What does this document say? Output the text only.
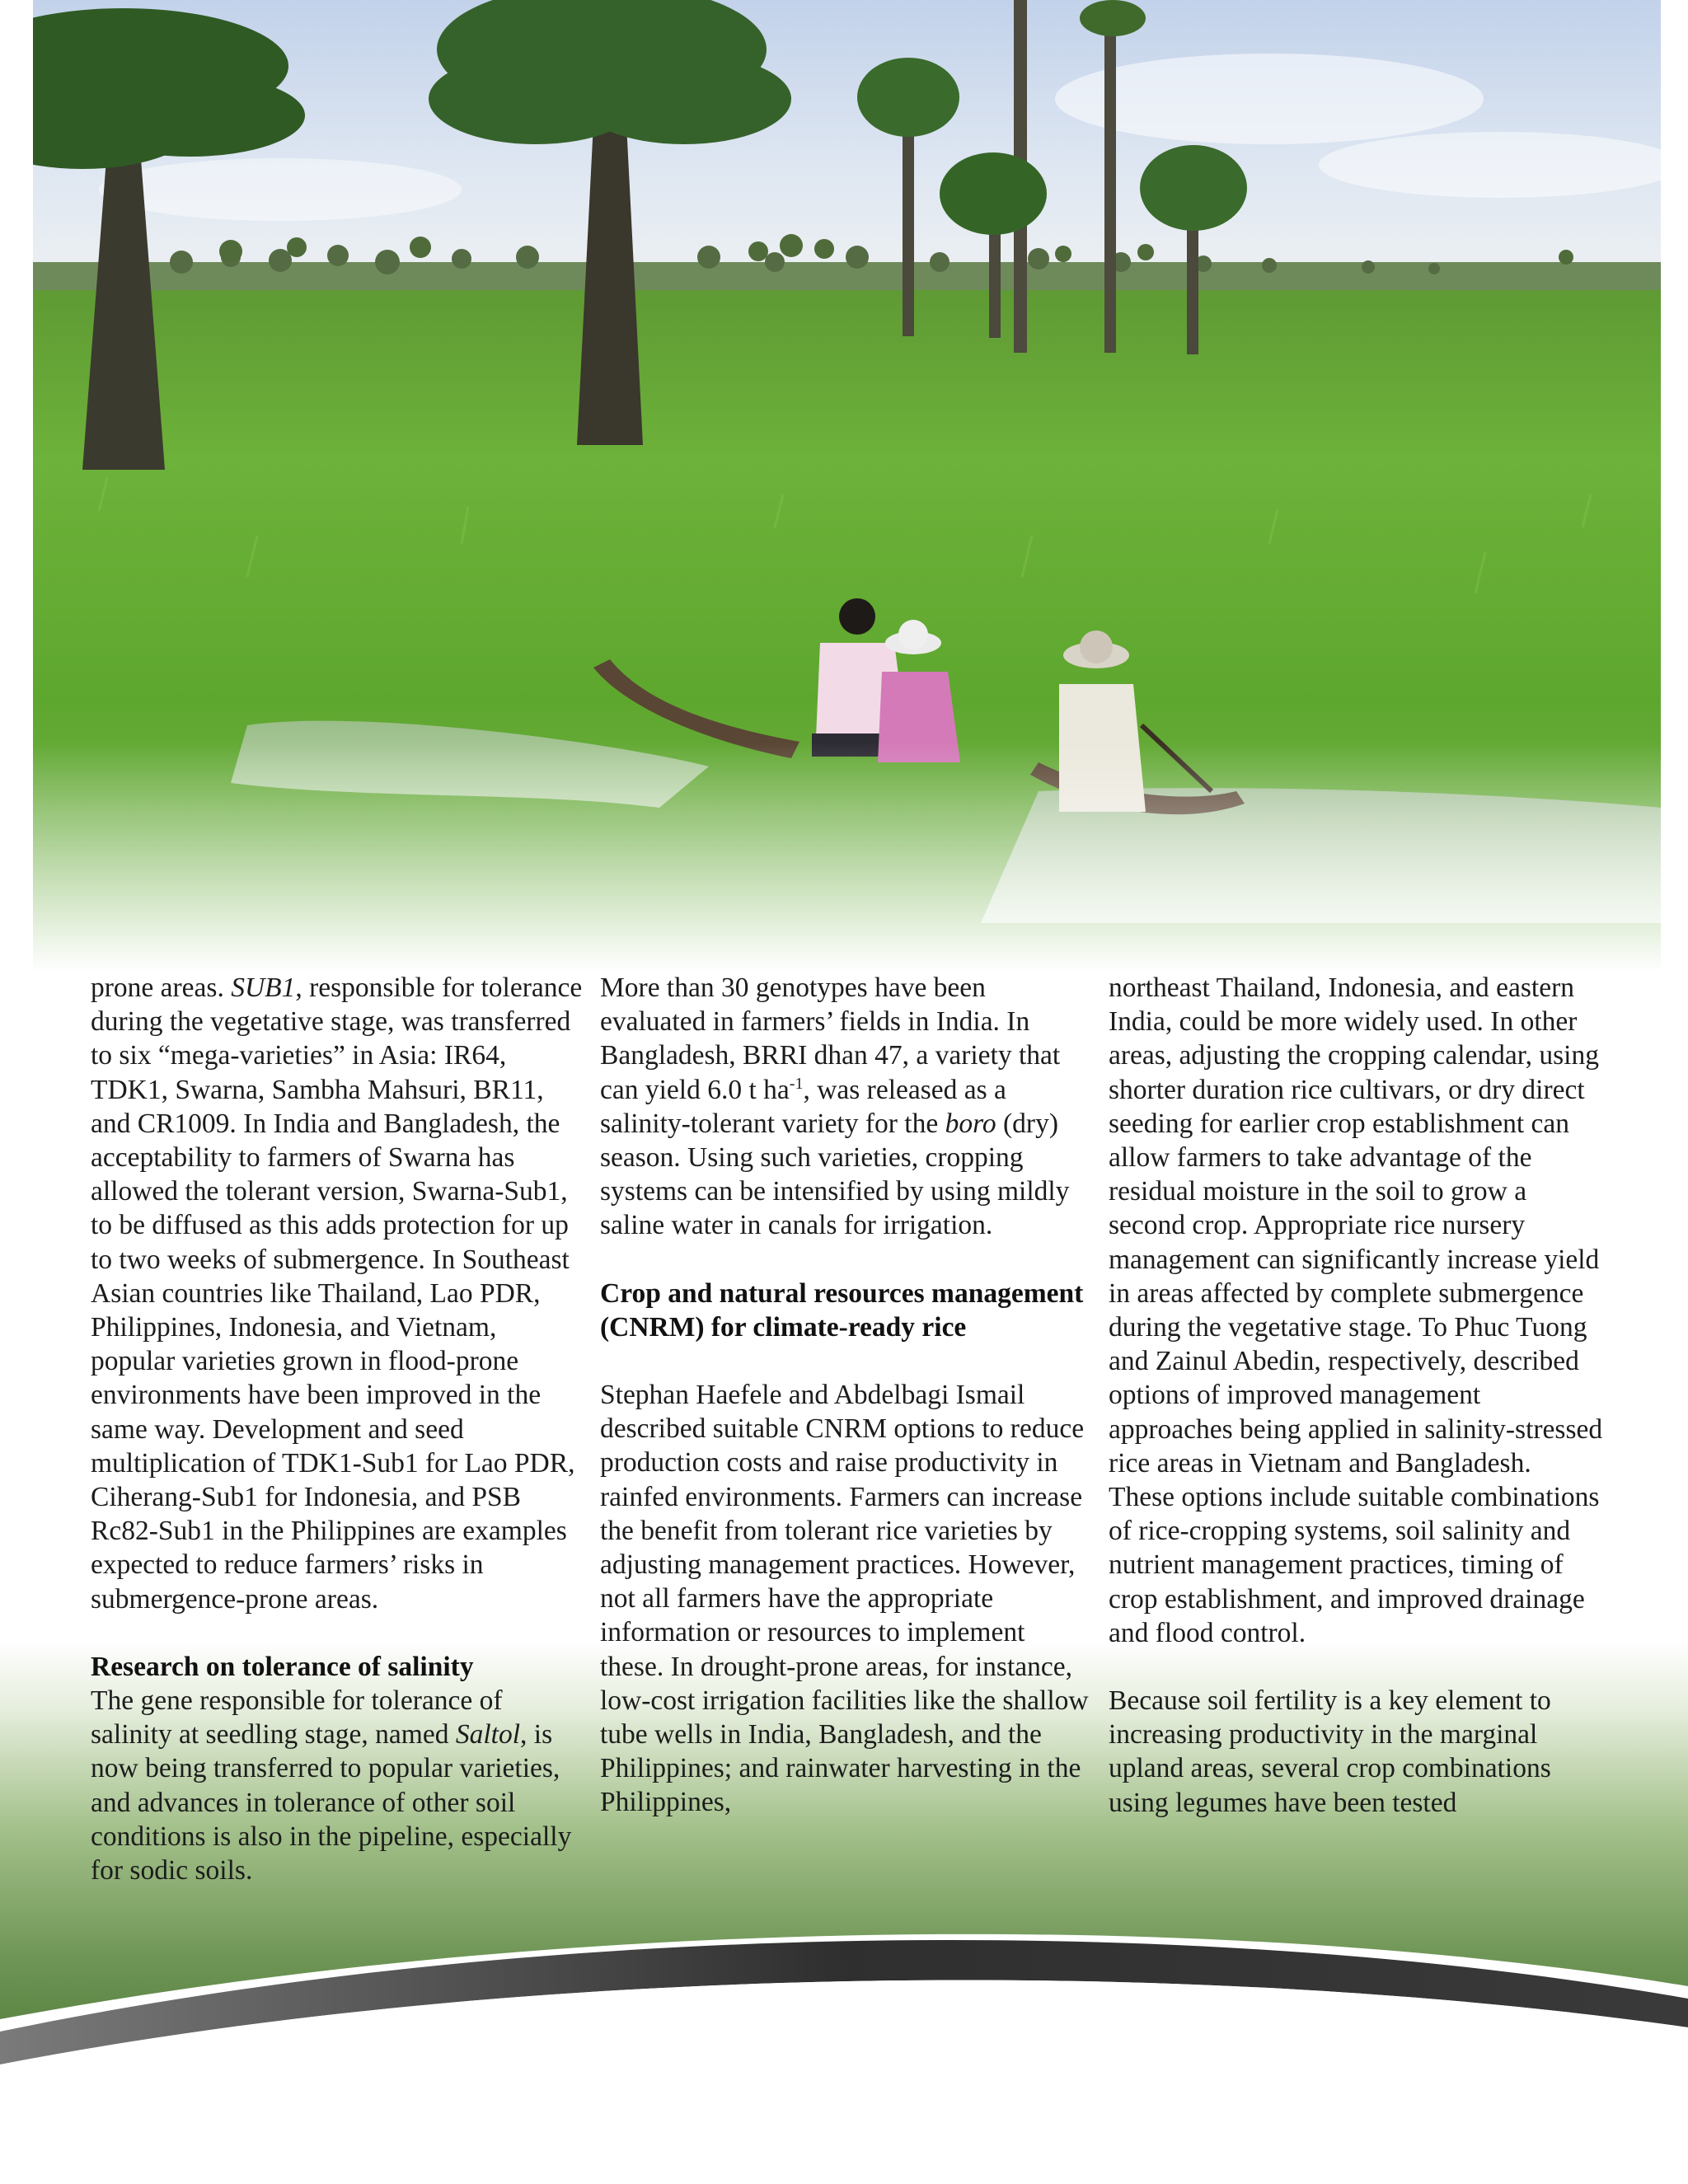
prone areas. SUB1, responsible for tolerance during the vegetative stage, was transferred to six “mega-varieties” in Asia: IR64, TDK1, Swarna, Sambha Mahsuri, BR11, and CR1009. In India and Bangladesh, the acceptability to farmers of Swarna has allowed the tolerant version, Swarna-Sub1, to be diffused as this adds protection for up to two weeks of submergence. In Southeast Asian countries like Thailand, Lao PDR, Philippines, Indonesia, and Vietnam, popular varieties grown in flood-prone environments have been improved in the same way. Development and seed multiplication of TDK1-Sub1 for Lao PDR, Ciherang-Sub1 for Indonesia, and PSB Rc82-Sub1 in the Philippines are examples expected to reduce farmers’ risks in submergence-prone areas.

Research on tolerance of salinity

The gene responsible for tolerance of salinity at seedling stage, named Saltol, is now being transferred to popular varieties, and advances in tolerance of other soil conditions is also in the pipeline, especially for sodic soils.

More than 30 genotypes have been evaluated in farmers’ fields in India. In Bangladesh, BRRI dhan 47, a variety that can yield 6.0 t $ha^{-1}$, was released as a salinity-tolerant variety for the boro (dry) season. Using such varieties, cropping systems can be intensified by using mildly saline water in canals for irrigation.

Crop and natural resources management (CNRM) for climate-ready rice

Stephan Haefele and Abdelbagi Ismail described suitable CNRM options to reduce production costs and raise productivity in rainfed environments. Farmers can increase the benefit from tolerant rice varieties by adjusting management practices. However, not all farmers have the appropriate information or resources to implement these. In drought-prone areas, for instance, low-cost irrigation facilities like the shallow tube wells in India, Bangladesh, and the Philippines; and rainwater harvesting in the Philippines,

northeast Thailand, Indonesia, and eastern India, could be more widely used. In other areas, adjusting the cropping calendar, using shorter duration rice cultivars, or dry direct seeding for earlier crop establishment can allow farmers to take advantage of the residual moisture in the soil to grow a second crop. Appropriate rice nursery management can significantly increase yield in areas affected by complete submergence during the vegetative stage. To Phuc Tuong and Zainul Abedin, respectively, described options of improved management approaches being applied in salinity-stressed rice areas in Vietnam and Bangladesh. These options include suitable combinations of rice-cropping systems, soil salinity and nutrient management practices, timing of crop establishment, and improved drainage and flood control.

Because soil fertility is a key element to increasing productivity in the marginal upland areas, several crop combinations using legumes have been tested
